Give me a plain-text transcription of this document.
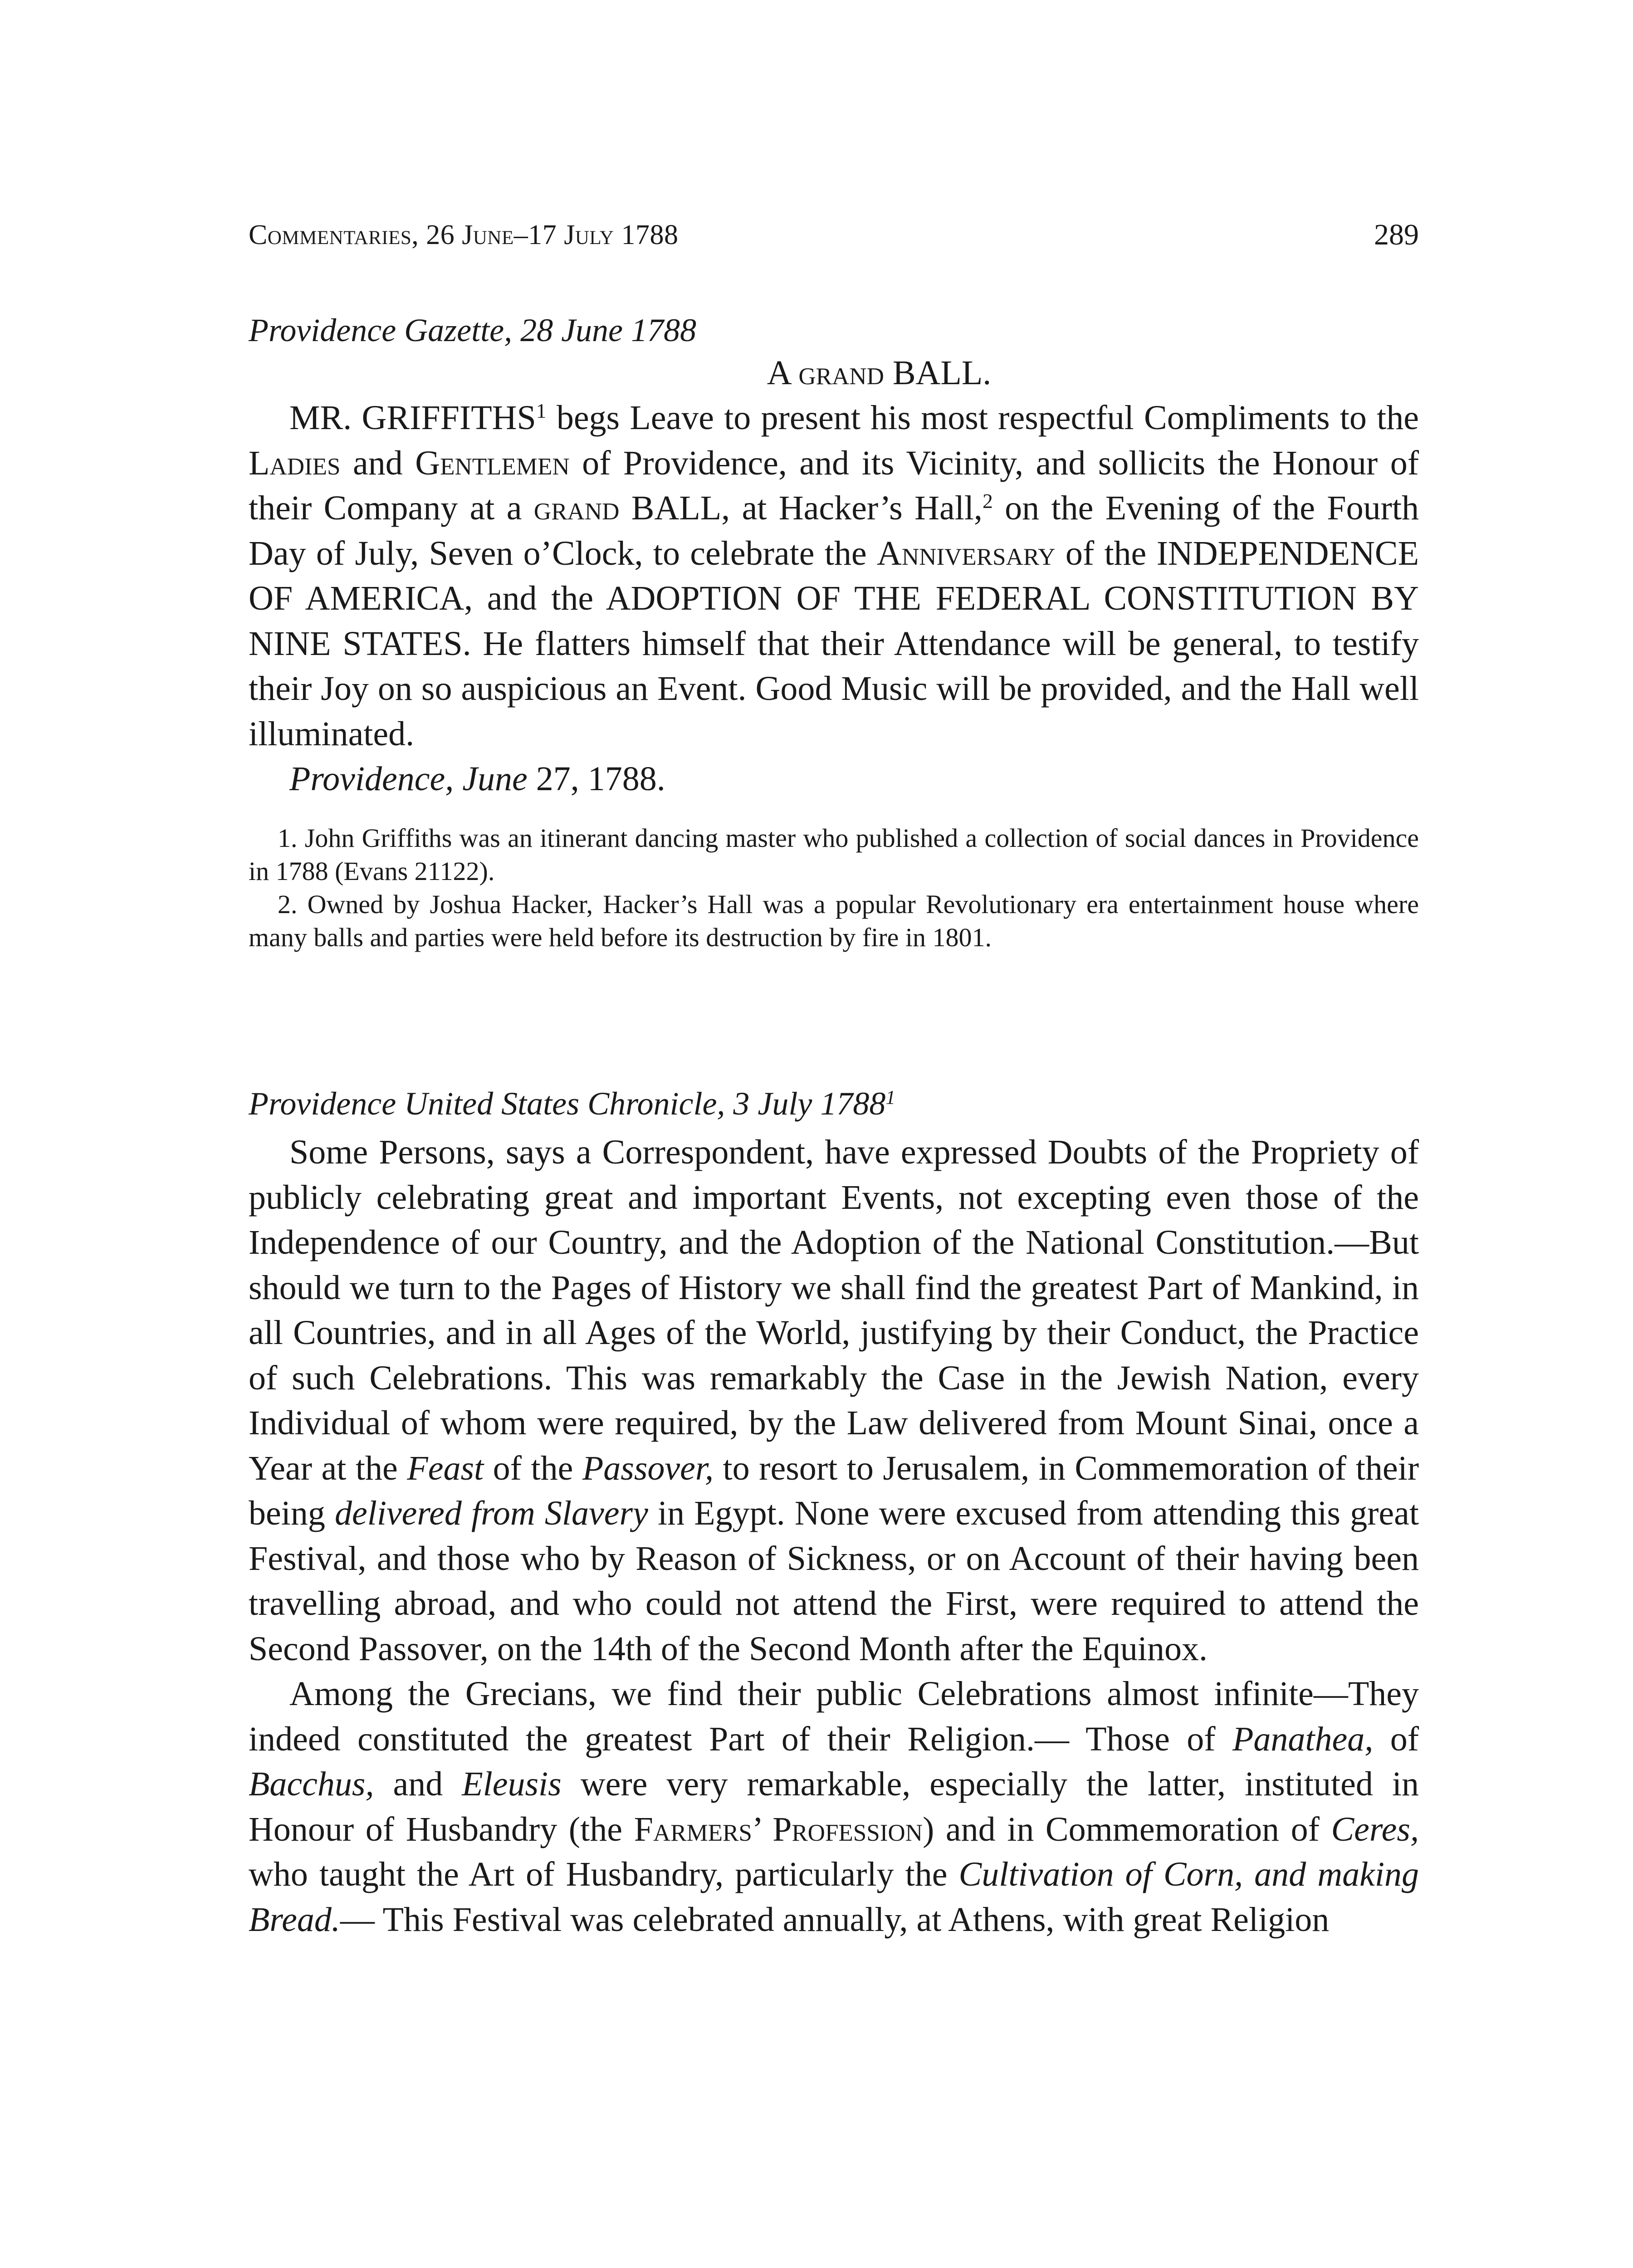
Commentaries, 26 June–17 July 1788	289

Providence Gazette, 28 June 1788

A grand BALL.

MR. GRIFFITHS$^1$ begs Leave to present his most respectful Compliments to the Ladies and Gentlemen of Providence, and its Vicinity, and sollicits the Honour of their Company at a grand BALL, at Hacker’s Hall,$^2$ on the Evening of the Fourth Day of July, Seven o’Clock, to celebrate the Anniversary of the INDEPENDENCE OF AMERICA, and the ADOPTION OF THE FEDERAL CONSTITUTION BY NINE STATES. He flatters himself that their Attendance will be general, to testify their Joy on so auspicious an Event. Good Music will be provided, and the Hall well illuminated.

Providence, June 27, 1788.

1. John Griffiths was an itinerant dancing master who published a collection of social dances in Providence in 1788 (Evans 21122).

2. Owned by Joshua Hacker, Hacker’s Hall was a popular Revolutionary era entertainment house where many balls and parties were held before its destruction by fire in 1801.

Providence United States Chronicle, 3 July 1788$^1$

Some Persons, says a Correspondent, have expressed Doubts of the Propriety of publicly celebrating great and important Events, not excepting even those of the Independence of our Country, and the Adoption of the National Constitution.—But should we turn to the Pages of History we shall find the greatest Part of Mankind, in all Countries, and in all Ages of the World, justifying by their Conduct, the Practice of such Celebrations. This was remarkably the Case in the Jewish Nation, every Individual of whom were required, by the Law delivered from Mount Sinai, once a Year at the Feast of the Passover, to resort to Jerusalem, in Commemoration of their being delivered from Slavery in Egypt. None were excused from attending this great Festival, and those who by Reason of Sickness, or on Account of their having been travelling abroad, and who could not attend the First, were required to attend the Second Passover, on the 14th of the Second Month after the Equinox.

Among the Grecians, we find their public Celebrations almost infinite—They indeed constituted the greatest Part of their Religion.— Those of Panathea, of Bacchus, and Eleusis were very remarkable, especially the latter, instituted in Honour of Husbandry (the Farmers’ Profession) and in Commemoration of Ceres, who taught the Art of Husbandry, particularly the Cultivation of Corn, and making Bread.— This Festival was celebrated annually, at Athens, with great Religion
